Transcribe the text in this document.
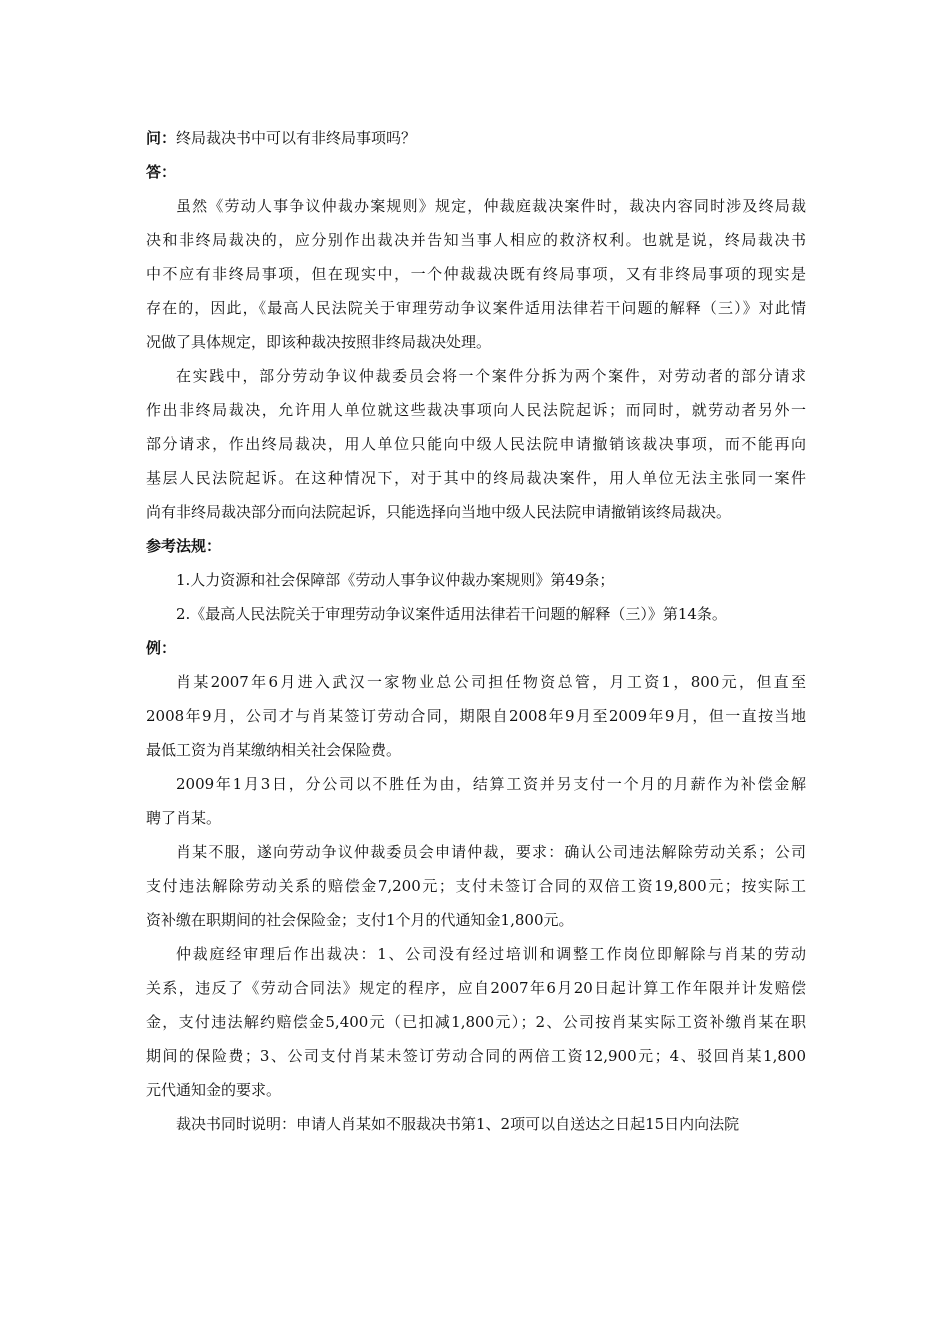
问：终局裁决书中可以有非终局事项吗？
答：
虽然《劳动人事争议仲裁办案规则》规定，仲裁庭裁决案件时，裁决内容同时涉及终局裁
决和非终局裁决的，应分别作出裁决并告知当事人相应的救济权利。也就是说，终局裁决书
中不应有非终局事项，但在现实中，一个仲裁裁决既有终局事项，又有非终局事项的现实是
存在的，因此，《最高人民法院关于审理劳动争议案件适用法律若干问题的解释（三）》对此情
况做了具体规定，即该种裁决按照非终局裁决处理。
在实践中，部分劳动争议仲裁委员会将一个案件分拆为两个案件，对劳动者的部分请求
作出非终局裁决，允许用人单位就这些裁决事项向人民法院起诉；而同时，就劳动者另外一
部分请求，作出终局裁决，用人单位只能向中级人民法院申请撤销该裁决事项，而不能再向
基层人民法院起诉。在这种情况下，对于其中的终局裁决案件，用人单位无法主张同一案件
尚有非终局裁决部分而向法院起诉，只能选择向当地中级人民法院申请撤销该终局裁决。
参考法规：
1.人力资源和社会保障部《劳动人事争议仲裁办案规则》第49条；
2.《最高人民法院关于审理劳动争议案件适用法律若干问题的解释（三）》第14条。
例：
肖某2007年6月进入武汉一家物业总公司担任物资总管，月工资1，800元，但直至
2008年9月，公司才与肖某签订劳动合同，期限自2008年9月至2009年9月，但一直按当地
最低工资为肖某缴纳相关社会保险费。
2009年1月3日，分公司以不胜任为由，结算工资并另支付一个月的月薪作为补偿金解
聘了肖某。
肖某不服，遂向劳动争议仲裁委员会申请仲裁，要求：确认公司违法解除劳动关系；公司
支付违法解除劳动关系的赔偿金7,200元；支付未签订合同的双倍工资19,800元；按实际工
资补缴在职期间的社会保险金；支付1个月的代通知金1,800元。
仲裁庭经审理后作出裁决：1、公司没有经过培训和调整工作岗位即解除与肖某的劳动
关系，违反了《劳动合同法》规定的程序，应自2007年6月20日起计算工作年限并计发赔偿
金，支付违法解约赔偿金5,400元（已扣减1,800元）；2、公司按肖某实际工资补缴肖某在职
期间的保险费；3、公司支付肖某未签订劳动合同的两倍工资12,900元；4、驳回肖某1,800
元代通知金的要求。
裁决书同时说明：申请人肖某如不服裁决书第1、2项可以自送达之日起15日内向法院
